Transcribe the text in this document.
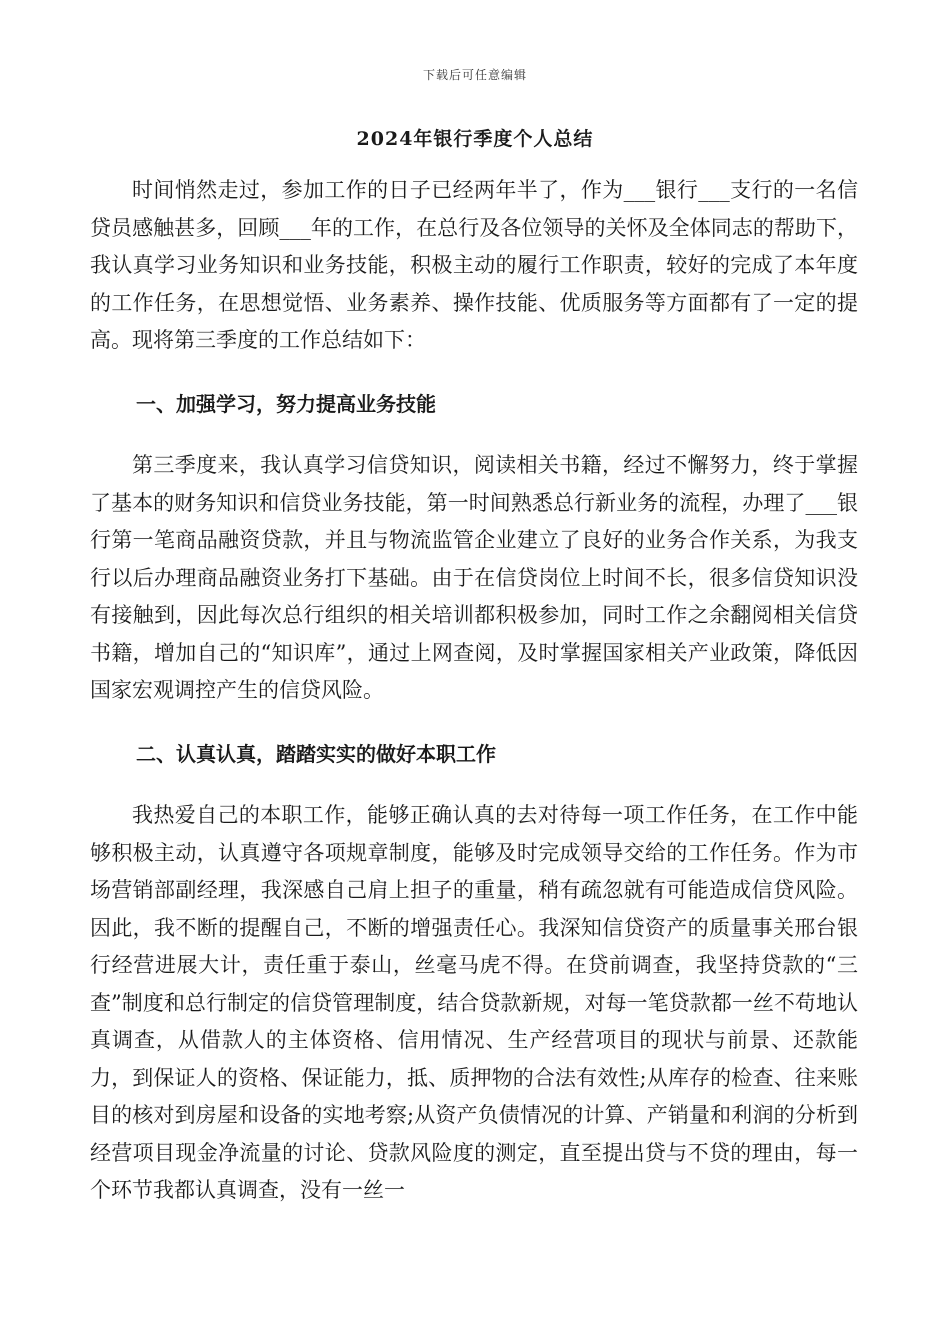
下载后可任意编辑
2024年银行季度个人总结

时间悄然走过，参加工作的日子已经两年半了，作为___银行___支行的一名信贷员感触甚多，回顾___年的工作，在总行及各位领导的关怀及全体同志的帮助下，我认真学习业务知识和业务技能，积极主动的履行工作职责，较好的完成了本年度的工作任务，在思想觉悟、业务素养、操作技能、优质服务等方面都有了一定的提高。现将第三季度的工作总结如下：

一、加强学习，努力提高业务技能

第三季度来，我认真学习信贷知识，阅读相关书籍，经过不懈努力，终于掌握了基本的财务知识和信贷业务技能，第一时间熟悉总行新业务的流程，办理了___银行第一笔商品融资贷款，并且与物流监管企业建立了良好的业务合作关系，为我支行以后办理商品融资业务打下基础。由于在信贷岗位上时间不长，很多信贷知识没有接触到，因此每次总行组织的相关培训都积极参加，同时工作之余翻阅相关信贷书籍，增加自己的“知识库”，通过上网查阅，及时掌握国家相关产业政策，降低因国家宏观调控产生的信贷风险。

二、认真认真，踏踏实实的做好本职工作

我热爱自己的本职工作，能够正确认真的去对待每一项工作任务，在工作中能够积极主动，认真遵守各项规章制度，能够及时完成领导交给的工作任务。作为市场营销部副经理，我深感自己肩上担子的重量，稍有疏忽就有可能造成信贷风险。因此，我不断的提醒自己，不断的增强责任心。我深知信贷资产的质量事关邢台银行经营进展大计，责任重于泰山，丝毫马虎不得。在贷前调查，我坚持贷款的“三查”制度和总行制定的信贷管理制度，结合贷款新规，对每一笔贷款都一丝不苟地认真调查，从借款人的主体资格、信用情况、生产经营项目的现状与前景、还款能力，到保证人的资格、保证能力，抵、质押物的合法有效性;从库存的检查、往来账目的核对到房屋和设备的实地考察;从资产负债情况的计算、产销量和利润的分析到经营项目现金净流量的讨论、贷款风险度的测定，直至提出贷与不贷的理由，每一个环节我都认真调查，没有一丝一
